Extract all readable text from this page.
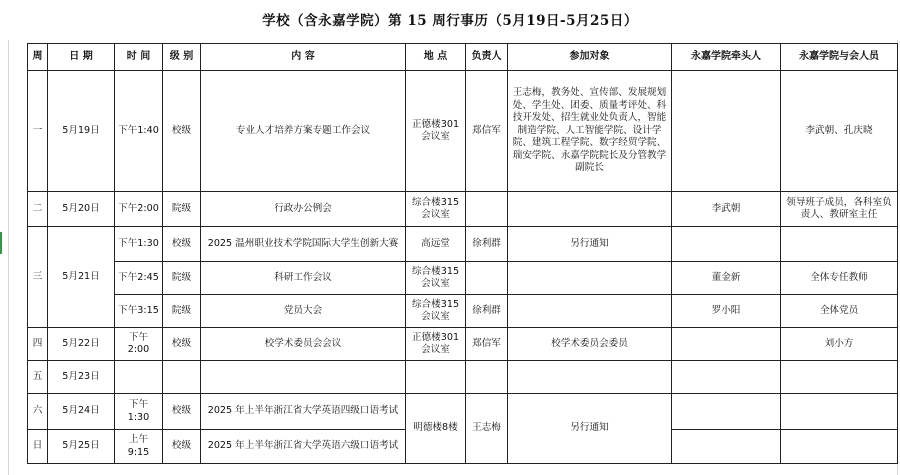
学校（含永嘉学院）第 15 周行事历（5月19日-5月25日）
周	日 期	时 间	级 别	内 容	地 点	负责人	参加对象	永嘉学院牵头人	永嘉学院与会人员
一	5月19日	下午1:40	校级	专业人才培养方案专题工作会议	正德楼301会议室	郑信军	王志梅，教务处、宣传部、发展规划处、学生处、团委、质量考评处、科技开发处、招生就业处负责人，智能制造学院、人工智能学院、设计学院、建筑工程学院、数字经贸学院、瑞安学院、永嘉学院院长及分管教学副院长		李武朝、孔庆晓
二	5月20日	下午2:00	院级	行政办公例会	综合楼315会议室			李武朝	领导班子成员，各科室负责人、教研室主任
三	5月21日	下午1:30	校级	2025 温州职业技术学院国际大学生创新大赛	高远堂	徐利群	另行通知		
		下午2:45	院级	科研工作会议	综合楼315会议室			董金新	全体专任教师
		下午3:15	院级	党员大会	综合楼315会议室	徐利群		罗小阳	全体党员
四	5月22日	下午 2:00	校级	校学术委员会会议	正德楼301会议室	郑信军	校学术委员会委员		刘小方
五	5月23日								
六	5月24日	下午 1:30	校级	2025 年上半年浙江省大学英语四级口语考试	明德楼8楼	王志梅	另行通知		
日	5月25日	上午 9:15	校级	2025 年上半年浙江省大学英语六级口语考试					
